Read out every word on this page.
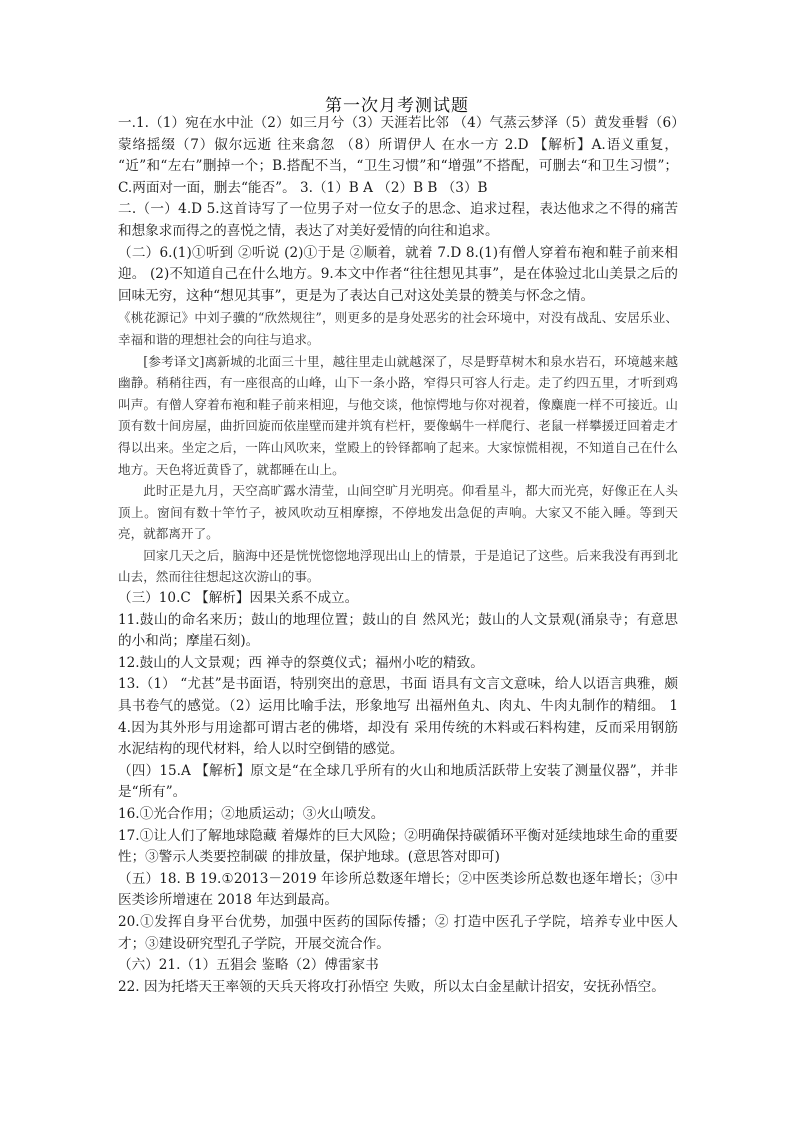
第一次月考测试题

一.1.（1）宛在水中沚（2）如三月兮（3）天涯若比邻 （4）气蒸云梦泽（5）黄发垂髫（6）蒙络摇缀（7）俶尔远逝 往来翕忽 （8）所谓伊人 在水一方 2.D 【解析】A.语义重复， “近”和“左右”删掉一个；B.搭配不当，“卫生习惯”和“增强”不搭配，可删去“和卫生习惯”； C.两面对一面，删去“能否”。 3.（1）B A （2）B B （3）B

二.（一）4.D 5.这首诗写了一位男子对一位女子的思念、追求过程，表达他求之不得的痛苦和想象求而得之的喜悦之情，表达了对美好爱情的向往和追求。

（二）6.(1)①听到 ②听说 (2)①于是 ②顺着，就着 7.D 8.(1)有僧人穿着布袍和鞋子前来相迎。 (2)不知道自己在什么地方。9.本文中作者“往往想见其事”，是在体验过北山美景之后的回味无穷，这种“想见其事”，更是为了表达自己对这处美景的赞美与怀念之情。

《桃花源记》中刘子骥的“欣然规往”，则更多的是身处恶劣的社会环境中，对没有战乱、安居乐业、幸福和谐的理想社会的向往与追求。

[参考译文]离新城的北面三十里，越往里走山就越深了，尽是野草树木和泉水岩石，环境越来越幽静。稍稍往西，有一座很高的山峰，山下一条小路，窄得只可容人行走。走了约四五里，才听到鸡叫声。有僧人穿着布袍和鞋子前来相迎，与他交谈，他惊愕地与你对视着，像麋鹿一样不可接近。山顶有数十间房屋，曲折回旋而依崖壁而建并筑有栏杆，要像蜗牛一样爬行、老鼠一样攀援迂回着走才得以出来。坐定之后，一阵山风吹来，堂殿上的铃铎都响了起来。大家惊慌相视，不知道自己在什么地方。天色将近黄昏了，就都睡在山上。

此时正是九月，天空高旷露水清莹，山间空旷月光明亮。仰看星斗，都大而光亮，好像正在人头顶上。窗间有数十竿竹子，被风吹动互相摩擦，不停地发出急促的声响。大家又不能入睡。等到天亮，就都离开了。

回家几天之后，脑海中还是恍恍惚惚地浮现出山上的情景，于是追记了这些。后来我没有再到北山去，然而往往想起这次游山的事。

（三）10.C 【解析】因果关系不成立。

11.鼓山的命名来历；鼓山的地理位置；鼓山的自 然风光；鼓山的人文景观(涌泉寺；有意思的小和尚；摩崖石刻)。

12.鼓山的人文景观；西 禅寺的祭奠仪式；福州小吃的精致。

13.（1） “尤甚”是书面语，特别突出的意思，书面 语具有文言文意味，给人以语言典雅，颇具书卷气的感觉。（2）运用比喻手法，形象地写 出福州鱼丸、肉丸、牛肉丸制作的精细。 14.因为其外形与用途都可谓古老的佛塔，却没有 采用传统的木料或石料构建，反而采用钢筋水泥结构的现代材料，给人以时空倒错的感觉。

（四）15.A 【解析】原文是“在全球几乎所有的火山和地质活跃带上安装了测量仪器”，并非是“所有”。

16.①光合作用；②地质运动；③火山喷发。

17.①让人们了解地球隐藏 着爆炸的巨大风险；②明确保持碳循环平衡对延续地球生命的重要性；③警示人类要控制碳 的排放量，保护地球。(意思答对即可)

（五）18. B 19.①2013－2019 年诊所总数逐年增长；②中医类诊所总数也逐年增长；③中医类诊所增速在 2018 年达到最高。

20.①发挥自身平台优势，加强中医药的国际传播；② 打造中医孔子学院，培养专业中医人才；③建设研究型孔子学院，开展交流合作。

（六）21.（1）五猖会 鉴略（2）傅雷家书

22. 因为托塔天王率领的天兵天将攻打孙悟空 失败，所以太白金星献计招安，安抚孙悟空。
